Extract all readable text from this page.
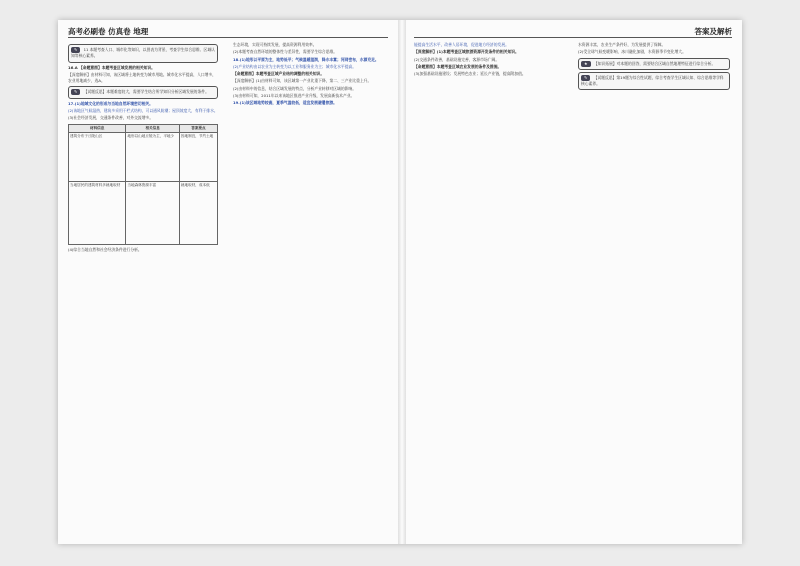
高考必刷卷 仿真卷 地理
✎ 11 本题考查人口、城市化等知识，以图表为背景，考查学生综合思维、区域认知等核心素养。

16.A 【命题意图】本题考查区域发展的相关知识。

【深度解析】由材料可知，该区域将土地转变为城市用地。城市化水平提高，人口增多，农业用地减少，选A。

✎ 【试题反思】本题难度较大，需要学生结合所学知识分析区域发展的条件。

17.(1)地域文化的形成与当地自然环境密切相关。

(2)该地区气候湿热，建筑多采用干栏式结构，可以通风防潮；屋顶坡度大，有利于排水。

(3)社会经济发展，交通条件改善，对外交流增多。

材料信息	相关信息	答案要点
建筑分布于丘陵山区	地形以山地丘陵为主，平地少	因地制宜，节约土地
当地居民的建筑材料多就地取材	当地森林资源丰富	就地取材，成本低

(4)综合当地自然和社会经济条件进行分析。

生态环境，实现可持续发展，提高资源利用效率。

(2)本题考查自然环境的整体性与差异性，需要学生综合思维。

18.(1)地形以平原为主，地势低平；气候温暖湿润，降水丰富；河网密布，水源充足。

(2)产业结构由以农业为主转变为以工业和服务业为主；城市化水平提高。

【命题意图】本题考查区域产业结构调整的相关知识。

【深度解析】(1)由材料可知，该区域第一产业比重下降，第二、三产业比重上升。

(2)由材料中的信息，结合区域发展的特点，分析产业转移对区域的影响。

(3)由材料可知，2011年以来该地区推进产业升级，发展高新技术产业。

19.(1)该区域地势较高，夏季气温较低，适宜发展避暑旅游。

答案及解析

能提高生活水平，改善人居环境，促进地方经济的发展。

【深度解析】(1)本题考查区域旅游资源开发条件的相关知识。

(2)交通条件改善，基础设施完善，客源市场广阔。

【命题意图】本题考查区域农业发展的条件及措施。

(3)加强基础设施建设；发展特色农业；延长产业链，提高附加值。

水资源丰富，农业生产条件好，为发展提供了保障。

(2)受全球气候变暖影响，冰川融化加剧，水资源季节变化增大。

★ 【知识拓展】对本题的回答，需要结合区域自然地理特征进行综合分析。
✎ 【试题反思】第19题为综合性试题，综合考查学生区域认知、综合思维等学科核心素养。
